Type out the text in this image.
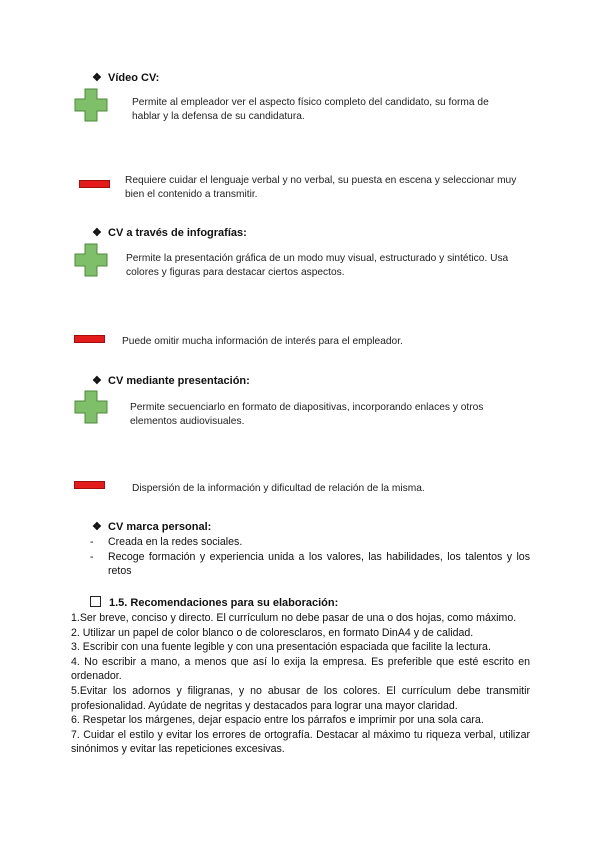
❖ Vídeo CV:
Permite al empleador ver el aspecto físico completo del candidato, su forma de hablar y la defensa de su candidatura.
Requiere cuidar el lenguaje verbal y no verbal, su puesta en escena y seleccionar muy bien el contenido a transmitir.
❖ CV a través de infografías:
Permite la presentación gráfica de un modo muy visual, estructurado y sintético. Usa colores y figuras para destacar ciertos aspectos.
Puede omitir mucha información de interés para el empleador.
❖ CV mediante presentación:
Permite secuenciarlo en formato de diapositivas, incorporando enlaces y otros elementos audiovisuales.
Dispersión de la información y dificultad de relación de la misma.
❖ CV marca personal:
-	Creada en la redes sociales.
-	Recoge formación y experiencia unida a los valores, las habilidades, los talentos y los retos
1.5. Recomendaciones para su elaboración:
1.Ser breve, conciso y directo. El currículum no debe pasar de una o dos hojas, como máximo.
2. Utilizar un papel de color blanco o de coloresclaros, en formato DinA4 y de calidad.
3. Escribir con una fuente legible y con una presentación espaciada que facilite la lectura.
4. No escribir a mano, a menos que así lo exija la empresa. Es preferible que esté escrito en ordenador.
5.Evitar los adornos y filigranas, y no abusar de los colores. El currículum debe transmitir profesionalidad. Ayúdate de negritas y destacados para lograr una mayor claridad.
6. Respetar los márgenes, dejar espacio entre los párrafos e imprimir por una sola cara.
7. Cuidar el estilo y evitar los errores de ortografía. Destacar al máximo tu riqueza verbal, utilizar sinónimos y evitar las repeticiones excesivas.
